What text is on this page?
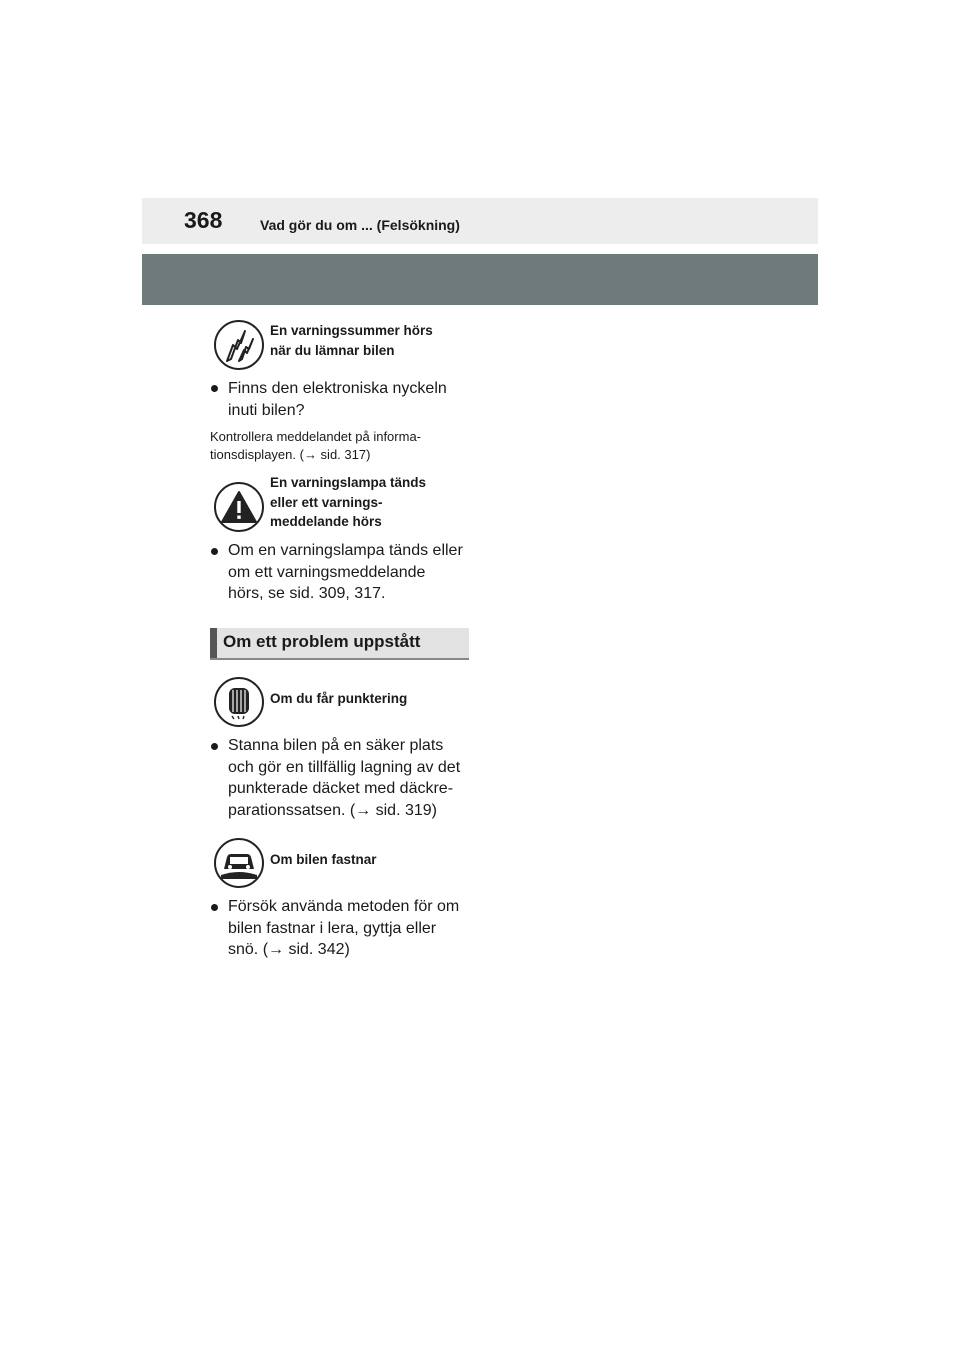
368	Vad gör du om ... (Felsökning)
En varningssummer hörs
när du lämnar bilen
Finns den elektroniska nyckeln
inuti bilen?
Kontrollera meddelandet på informa-
tionsdisplayen. (→ sid. 317)
En varningslampa tänds
eller ett varnings-
meddelande hörs
Om en varningslampa tänds eller
om ett varningsmeddelande
hörs, se sid. 309, 317.
Om ett problem uppstått
Om du får punktering
Stanna bilen på en säker plats
och gör en tillfällig lagning av det
punkterade däcket med däckre-
parationssatsen. (→ sid. 319)
Om bilen fastnar
Försök använda metoden för om
bilen fastnar i lera, gyttja eller
snö. (→ sid. 342)
